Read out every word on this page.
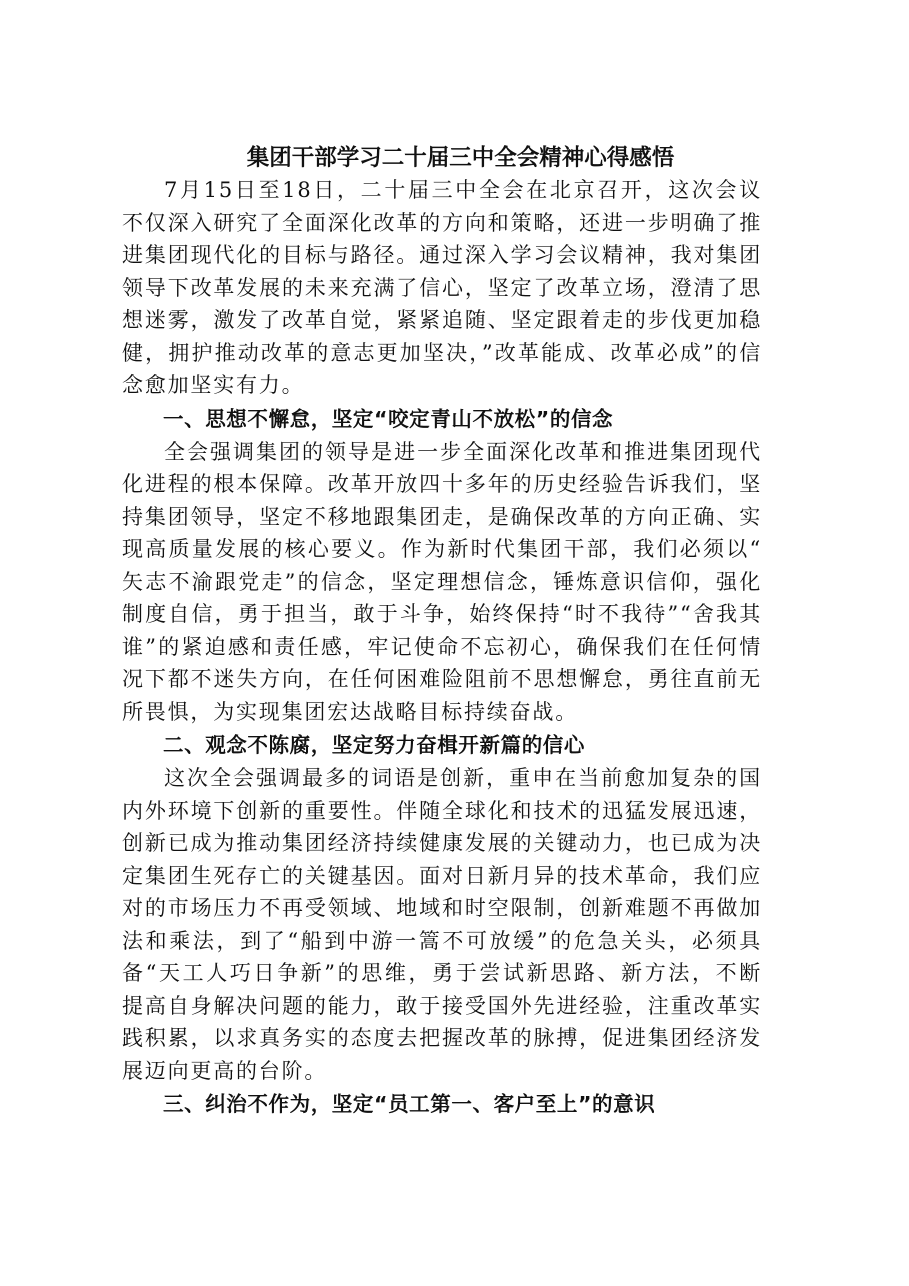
集团干部学习二十届三中全会精神心得感悟

7月15日至18日，二十届三中全会在北京召开，这次会议不仅深入研究了全面深化改革的方向和策略，还进一步明确了推进集团现代化的目标与路径。通过深入学习会议精神，我对集团领导下改革发展的未来充满了信心，坚定了改革立场，澄清了思想迷雾，激发了改革自觉，紧紧追随、坚定跟着走的步伐更加稳健，拥护推动改革的意志更加坚决，”改革能成、改革必成”的信念愈加坚实有力。

一、思想不懈怠，坚定“咬定青山不放松”的信念

全会强调集团的领导是进一步全面深化改革和推进集团现代化进程的根本保障。改革开放四十多年的历史经验告诉我们，坚持集团领导，坚定不移地跟集团走，是确保改革的方向正确、实现高质量发展的核心要义。作为新时代集团干部，我们必须以“矢志不渝跟党走”的信念，坚定理想信念，锤炼意识信仰，强化制度自信，勇于担当，敢于斗争，始终保持“时不我待”“舍我其谁”的紧迫感和责任感，牢记使命不忘初心，确保我们在任何情况下都不迷失方向，在任何困难险阻前不思想懈怠，勇往直前无所畏惧，为实现集团宏达战略目标持续奋战。

二、观念不陈腐，坚定努力奋楫开新篇的信心

这次全会强调最多的词语是创新，重申在当前愈加复杂的国内外环境下创新的重要性。伴随全球化和技术的迅猛发展迅速，创新已成为推动集团经济持续健康发展的关键动力，也已成为决定集团生死存亡的关键基因。面对日新月异的技术革命，我们应对的市场压力不再受领域、地域和时空限制，创新难题不再做加法和乘法，到了“船到中游一篙不可放缓”的危急关头，必须具备“天工人巧日争新”的思维，勇于尝试新思路、新方法，不断提高自身解决问题的能力，敢于接受国外先进经验，注重改革实践积累，以求真务实的态度去把握改革的脉搏，促进集团经济发展迈向更高的台阶。

三、纠治不作为，坚定“员工第一、客户至上”的意识
